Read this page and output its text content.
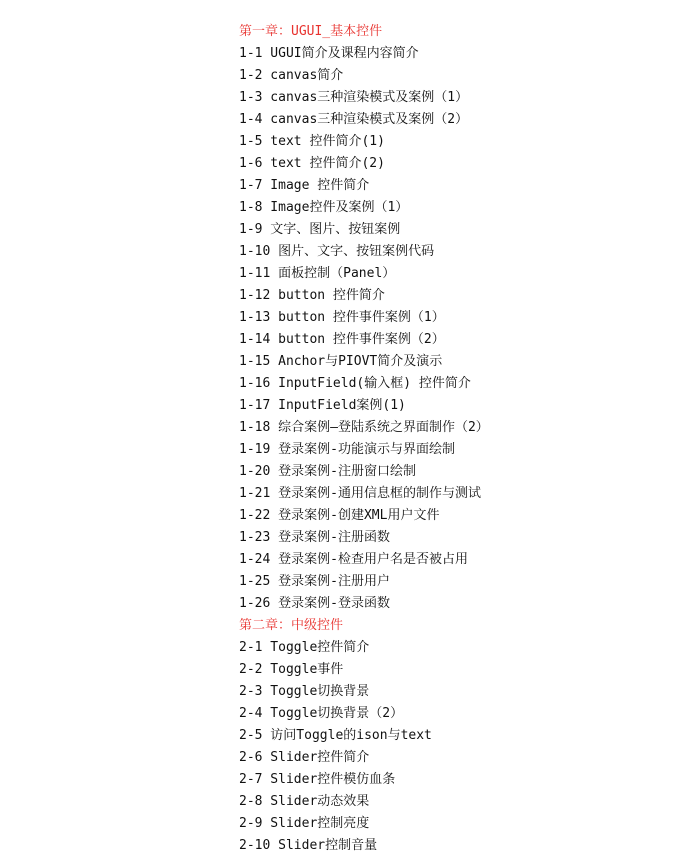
第一章：UGUI_基本控件
1-1 UGUI简介及课程内容简介
1-2 canvas简介
1-3 canvas三种渲染模式及案例（1）
1-4 canvas三种渲染模式及案例（2）
1-5 text 控件简介(1)
1-6 text 控件简介(2)
1-7 Image 控件简介
1-8 Image控件及案例（1）
1-9 文字、图片、按钮案例
1-10 图片、文字、按钮案例代码
1-11 面板控制（Panel）
1-12 button 控件简介
1-13 button 控件事件案例（1）
1-14 button 控件事件案例（2）
1-15 Anchor与PIOVT简介及演示
1-16 InputField(输入框) 控件简介
1-17 InputField案例(1)
1-18 综合案例—登陆系统之界面制作（2）
1-19 登录案例-功能演示与界面绘制
1-20 登录案例-注册窗口绘制
1-21 登录案例-通用信息框的制作与测试
1-22 登录案例-创建XML用户文件
1-23 登录案例-注册函数
1-24 登录案例-检查用户名是否被占用
1-25 登录案例-注册用户
1-26 登录案例-登录函数
第二章：中级控件
2-1 Toggle控件简介
2-2 Toggle事件
2-3 Toggle切换背景
2-4 Toggle切换背景（2）
2-5 访问Toggle的ison与text
2-6 Slider控件简介
2-7 Slider控件模仿血条
2-8 Slider动态效果
2-9 Slider控制亮度
2-10 Slider控制音量
